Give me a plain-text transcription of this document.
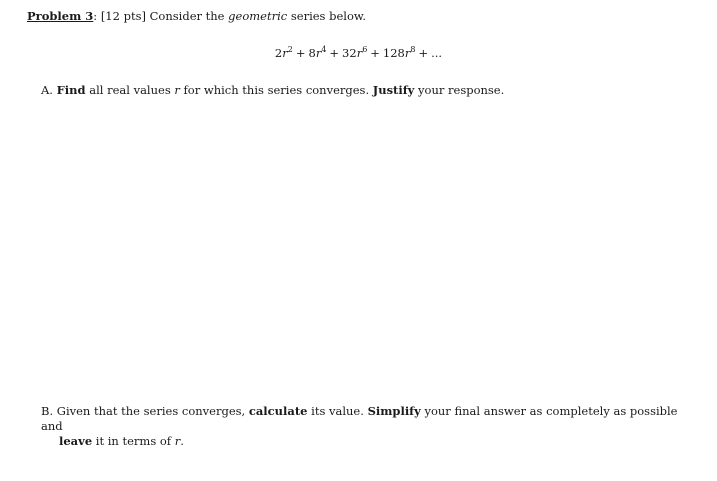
Problem 3: [12 pts] Consider the geometric series below.
$2r^2 + 8r^4 + 32r^6 + 128r^8$ + ...
A. Find all real values r for which this series converges. Justify your response.
B. Given that the series converges, calculate its value. Simplify your final answer as completely as possible and
leave it in terms of r.
